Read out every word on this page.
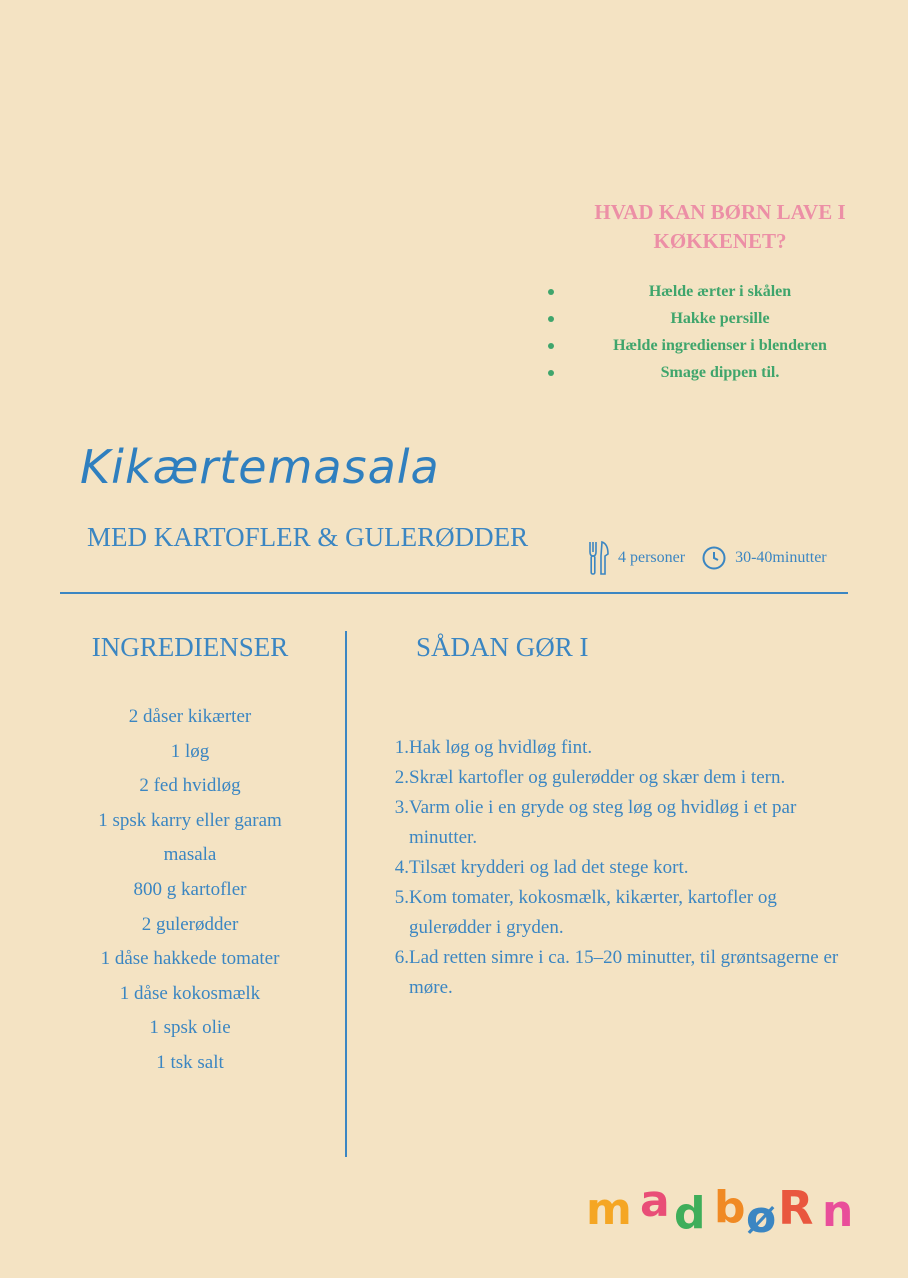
HVAD KAN BØRN LAVE I KØKKENET?
Hælde ærter i skålen
Hakke persille
Hælde ingredienser i blenderen
Smage dippen til.
Kikærtemasala
MED KARTOFLER & GULERØDDER
4 personer	30-40minutter
INGREDIENSER
2 dåser kikærter
1 løg
2 fed hvidløg
1 spsk karry eller garam masala
800 g kartofler
2 gulerødder
1 dåse hakkede tomater
1 dåse kokosmælk
1 spsk olie
1 tsk salt
SÅDAN GØR I
1. Hak løg og hvidløg fint.
2. Skræl kartofler og gulerødder og skær dem i tern.
3. Varm olie i en gryde og steg løg og hvidløg i et par minutter.
4. Tilsæt krydderi og lad det stege kort.
5. Kom tomater, kokosmælk, kikærter, kartofler og gulerødder i gryden.
6. Lad retten simre i ca. 15–20 minutter, til grøntsagerne er møre.
m a d b ø R n
